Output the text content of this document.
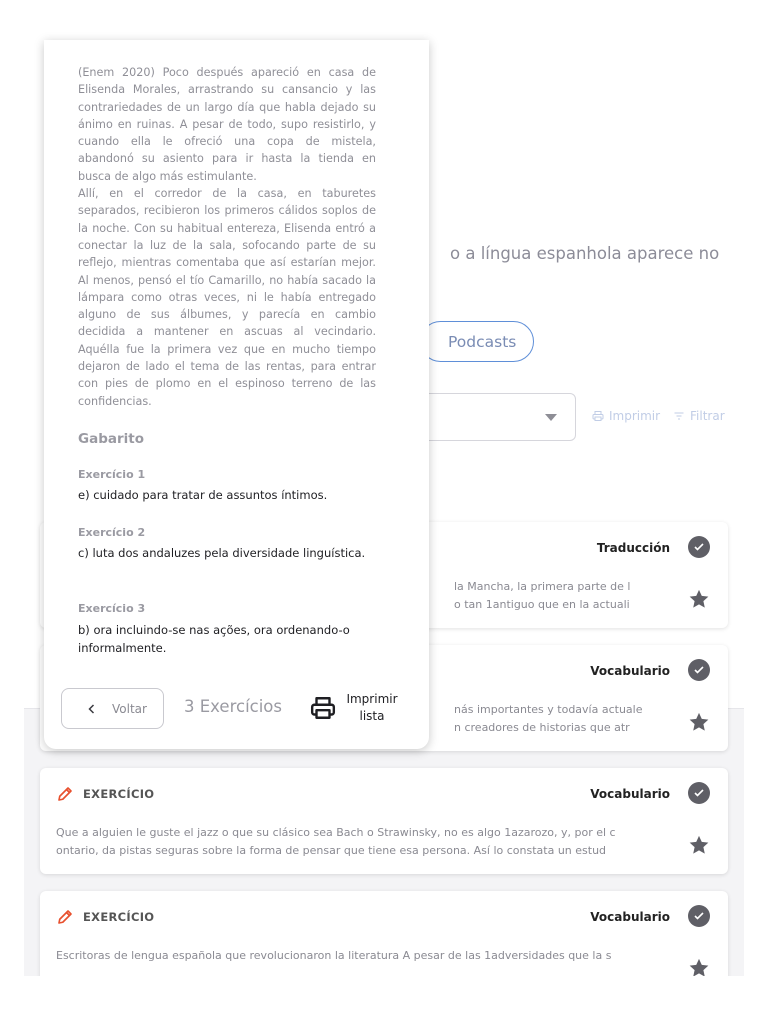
o a língua espanhola aparece no
Podcasts
Imprimir Filtrar
Traducción
la Mancha, la primera parte de l
o tan 1antiguo que en la actuali
Vocabulario
nás importantes y todavía actuale
n creadores de historias que atr
EXERCÍCIO	Vocabulario
Que a alguien le guste el jazz o que su clásico sea Bach o Strawinsky, no es algo 1azarozo, y, por el c
ontario, da pistas seguras sobre la forma de pensar que tiene esa persona. Así lo constata un estud
EXERCÍCIO	Vocabulario
Escritoras de lengua española que revolucionaron la literatura A pesar de las 1adversidades que la s

(Enem 2020) Poco después apareció en casa de Elisenda Morales, arrastrando su cansancio y las contrariedades de un largo día que habla dejado su ánimo en ruinas. A pesar de todo, supo resistirlo, y cuando ella le ofreció una copa de mistela, abandonó su asiento para ir hasta la tienda en busca de algo más estimulante.

Allí, en el corredor de la casa, en taburetes separados, recibieron los primeros cálidos soplos de la noche. Con su habitual entereza, Elisenda entró a conectar la luz de la sala, sofocando parte de su reflejo, mientras comentaba que así estarían mejor. Al menos, pensó el tío Camarillo, no había sacado la lámpara como otras veces, ni le había entregado alguno de sus álbumes, y parecía en cambio decidida a mantener en ascuas al vecindario. Aquélla fue la primera vez que en mucho tiempo dejaron de lado el tema de las rentas, para entrar con pies de plomo en el espinoso terreno de las confidencias.

Gabarito
Exercício 1
e) cuidado para tratar de assuntos íntimos.
Exercício 2
c) luta dos andaluzes pela diversidade linguística.
Exercício 3
b) ora incluindo-se nas ações, ora ordenando-o informalmente.
Voltar 3 Exercícios	Imprimir lista
